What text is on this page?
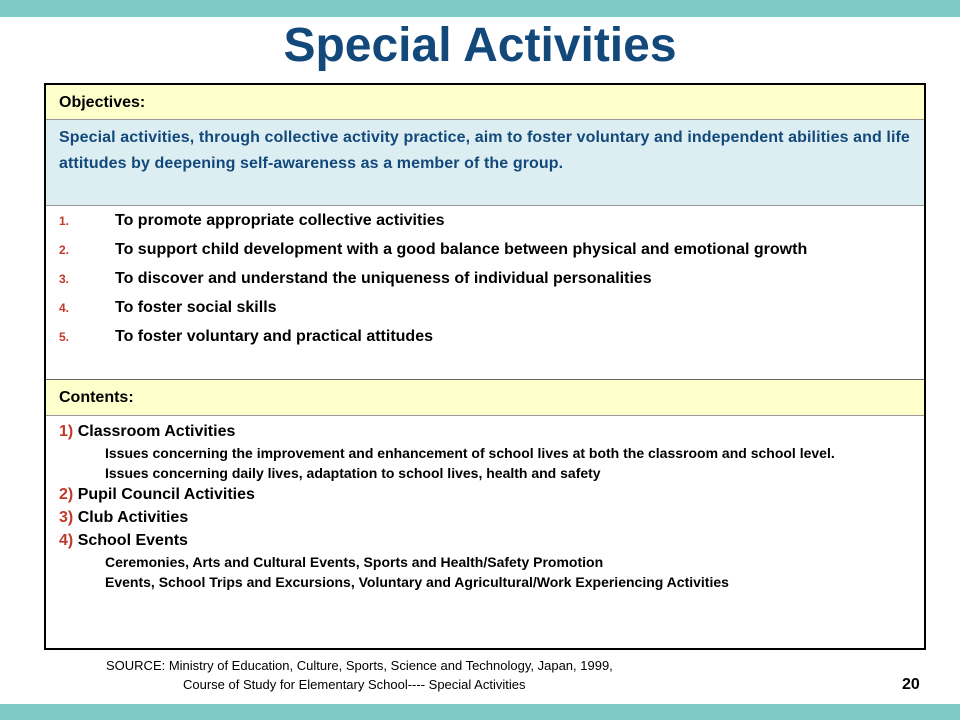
Special Activities
Objectives:
Special activities, through collective activity practice, aim to foster voluntary and independent abilities and life attitudes by deepening self-awareness as a member of the group.
1.	To promote appropriate collective activities
2.	To support child development with a good balance between physical and emotional growth
3.	To discover and understand the uniqueness of individual personalities
4.	To foster social skills
5.	To foster voluntary and practical attitudes
Contents:
1) Classroom Activities
Issues concerning the improvement and enhancement of school lives at both the classroom and school level.
Issues concerning daily lives, adaptation to school lives, health and safety
2) Pupil Council Activities
3) Club Activities
4) School Events
Ceremonies, Arts and Cultural Events, Sports and Health/Safety Promotion
Events, School Trips and Excursions, Voluntary and Agricultural/Work Experiencing Activities
SOURCE: Ministry of Education, Culture, Sports, Science and Technology, Japan, 1999,
Course of Study for Elementary School---- Special Activities	20
